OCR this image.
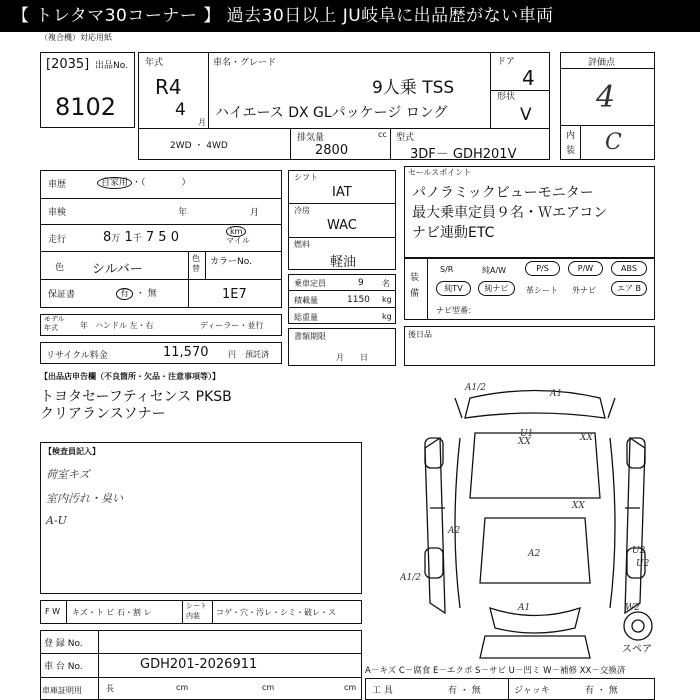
【 トレタマ30コーナー 】 過去30日以上 JU岐阜に出品歴がない車両
（複合機）対応用紙
[2035] 出品No.
8102
年式
R4
4
月
車名・グレード
9人乗 TSS
ハイエース DX GLパッケージ ロング
ドア
4
形状
V
2WD ・ 4WD
排気量	cc
2800
型式
3DF－ GDH201V
評価点
4
内
装 C
車歴	自家用 ・（　　　　）
車検	年	月
走行	8万 1千 7 5 0	km
マイル
色 シルバー
色替
カラーNo.
保証書	有 ・ 無	1E7
モデル
年式	年 ハンドル 左・右	ディーラー・並行
リサイクル料金	11,570 円 預託済
シフト
IAT
冷房
WAC
燃料
軽油
乗車定員	9 名
積載量	1150 kg
総重量	kg
書類期限
月　　日
セールスポイント
パノラミックビューモニター
最大乗車定員９名・Ｗエアコン
ナビ連動ETC
装
備
S/R	純A/W	P/S	P/W	ABS
純TV	純ナビ	革シート 外ナビ	エア B
ナビ型番：
後日品
【出品店申告欄（不良箇所・欠品・注意事項等）】
トヨタセーフティセンス PKSB
クリアランスソナー
【検査員記入】
荷室キズ
室内汚れ・臭い
A-U
F W キズ・ト ビ 石・割 レ
シート
内装	コゲ・穴・汚レ・シミ・破レ・ス
登 録 No.
車 台 No.	GDH201-2026911
車庫証明用	長	cm	cm	cm
A－キズ C－腐食 E－エクボ S－サビ U－凹ミ W－補修 XX－交換済
工 具	有 ・ 無	ジャッキ	有 ・ 無
A1/2
A1
U1
XX	XX
XX
A2
A2	U2
U2
A1	W2
A1/2
スペア
